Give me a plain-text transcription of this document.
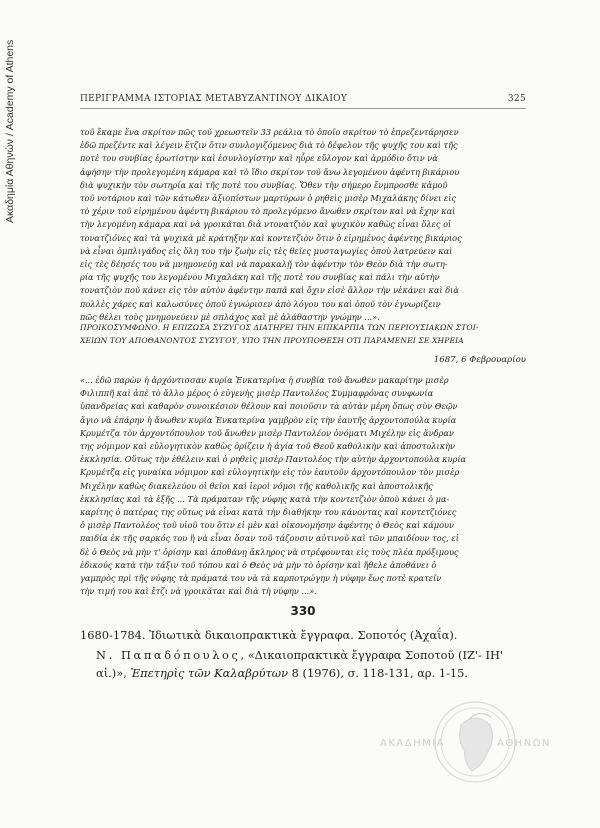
Ακαδημία Αθηνών / Academy of Athens	ΠΕΡΙΓΡΑΜΜΑ ΙΣΤΟΡΙΑΣ ΜΕΤΑΒΥΖΑΝΤΙΝΟΥ ΔΙΚΑΙΟΥ	325
τοῦ ἔκαμε ἕνα σκρίτον πῶς τοῦ χρεωστεῖν 33 ρεάλια τὸ ὁποῖο σκρίτον τὸ ἐπρεζεντάρησεν
ἐδῶ πρεζέντε καὶ λέγειν ἔτζιν ὅτιν συνλογιζόμενος διὰ τὸ δέφελον τῆς ψυχῆς του καὶ τῆς
ποτὲ του συνβίας ἐρωτίστην καὶ ἐσυνλογίστην καὶ ηὗρε εὔλογον καὶ ἁρμόδιο ὅτιν νὰ
ἀφήσην τὴν προλεγομένη κάμαρα καὶ τὸ ἴδιο σκρίτον τοῦ ἄνω λεγομένου ἀφέντη βικάριου
διὰ ψυχικὴν τὸν σωτηρία καὶ τῆς ποτὲ του συνβίας. Ὅθεν τὴν σήμερο ἔνμπροσθε κἀμοῦ
τοῦ νοτάριου καὶ τῶν κάτωθεν ἀξιοπίστων μαρτύρων ὁ ρηθεὶς μισὲρ Μιχαλάκης δίνει εἰς
τὸ χέριν τοῦ εἰρημένου ἀφέντη βικάριου τὸ προλεγόμενο ἄνωθεν σκρίτον καὶ νὰ ἔχην καὶ
τὴν λεγομένη κάμαρα καὶ νὰ γροικᾶται διὰ ντονατζιὸν καὶ ψυχικὸν καθὼς εἶναι ὅλες οἱ
τονατζιόνες καὶ τὰ ψυχικὰ μὲ κράτηξην καὶ κοντετζιὸν ὅτιν ὁ εἰρημένος ἀφέντης βικάριος
νὰ εἶναι ὀμπλιγάδος εἰς ὅλη του τὴν ζωὴν εἰς τὲς θεῖες μυσταγωγίες ὁποὺ λατρεύειν καὶ
εἰς τὲς δέησές του νὰ μνημονεύῃ καὶ νὰ παρακαλῇ τὸν ἀφέντην τὸν Θεὸν διὰ τὴν σωτη-
ρία τῆς ψυχῆς του λεγομένου Μιχαλάκη καὶ τῆς ποτὲ του συνβίας καὶ πάλι τὴν αὐτὴν
τονατζιὸν ποῦ κάνει εἰς τὸν αὐτὸν ἀφέντην παπᾶ καὶ ὄχιν εἰσὲ ἄλλον τὴν νἐκάνει καὶ διὰ
πολλὲς χάρες καὶ καλωσύνες ὁποῦ ἐγνώρισεν ἀπὸ λόγου του καὶ ὁποῦ τὸν ἐγνωρίζειν
πῶς θέλει τοὺς μνημονεύειν μὲ σπλάχος καὶ μὲ ἀλάθαστην γνώμην ...».
ΠΡΟΙΚΟΣΥΜΦΩΝΟ. Η ΕΠΙΖΩΣΑ ΣΥΖΥΓΟΣ ΔΙΑΤΗΡΕΙ ΤΗΝ ΕΠΙΚΑΡΠΙΑ ΤΩΝ ΠΕΡΙΟΥΣΙΑΚΩΝ ΣΤΟΙ-
ΧΕΙΩΝ ΤΟΥ ΑΠΟΘΑΝΟΝΤΟΣ ΣΥΖΥΓΟΥ, ΥΠΟ ΤΗΝ ΠΡΟΥΠΟΘΕΣΗ ΟΤΙ ΠΑΡΑΜΕΝΕΙ ΣΕ ΧΗΡΕΙΑ
1687, 6 Φεβρουαρίου
«... ἐδῶ παρὼν ἡ ἀρχόντισσαν κυρία Ἐνκατερίνα ἡ συνβία τοῦ ἄνωθεν μακαρίτην μισὲρ
Φιλιππῆ καὶ ἀπὲ τὸ ἄλλο μέρος ὁ εὐγενὴς μισὲρ Παντολέος Συμμαφρόνας συνφωνία
ὑπανδρείας καὶ καθαρὸν συνοικέσιον θέλουν καὶ ποιοῦσιν τὰ αὐτὰν μέρη ὅπως σὺν Θεῷν
ἅγιο νὰ ἐπάρην ἡ ἄνωθεν κυρία Ἐνκατερίνα γαμβρὸν εἰς τὴν ἑαυτῆς ἀρχοντοπούλα κυρία
Κρυμέτζα τὸν ἀρχοντόπουλον τοῦ ἄνωθεν μισὲρ Παντολέον ὀνόματι Μιχέλην εἰς ἄνδραν
της νόμιμον καὶ εὐλογητικὸν καθὼς ὁρίζειν ἡ ἁγία τοῦ Θεοῦ καθολικὴν καὶ ἀποστολικὴν
ἐκκλησία. Οὕτως τὴν ἐθέλειν καὶ ὁ ρηθεὶς μισὲρ Παντολέος τὴν αὐτὴν ἀρχοντοπούλα κυρία
Κρυμέτζα εἰς γυναίκα νόμιμον καὶ εὐλογητικὴν εἰς τὸν ἑαυτοῦν ἀρχοντόπουλον τὸν μισὲρ
Μιχέλην καθὼς διακελεύου οἱ θεῖοι καὶ ἱεροὶ νόμοι τῆς καθολικῆς καὶ ἀποστολικῆς
ἐκκλησίας καὶ τὰ ἑξῆς ... Τὰ πράματαν τῆς νύφης κατὰ τὴν κοντετζιὸν ὁποὺ κάνει ὁ μα-
καρίτης ὁ πατέρας της οὕτως νὰ εἶναι κατὰ τὴν διαθήκην του κάνοντας καὶ κοντετζιόνες
ὁ μισὲρ Παντολέος τοῦ υἱοῦ του ὅτιν εἰ μὲν καὶ οἰκονομήσην ἀφέντης ὁ Θεὸς καὶ κάμουν
παιδία ἐκ τῆς σαρκός του ἢ νὰ εἶναι ὅσαν τοῦ τάζουσιν αὐτινοῦ καὶ τῶν μπαιδίουν τος, εἰ
δὲ ὁ Θεὸς νὰ μὴν τ' ὁρίσην καὶ ἀποθάνῃ ἄκληρος νὰ στρέφουνται εἰς τοὺς πλέα πρόξιμους
ἐδικούς κατὰ τὴν τάξιν τοῦ τόπου καὶ ὁ Θεὸς νὰ μὴν τὸ ὁρίσην καὶ ἤθελε ἀποθάνει ὁ
γαμπρὸς πρὶ τῆς νύφης τὰ πράματά του νὰ τὰ καρποτρώγην ἡ νύφην ἕως ποτὲ κρατεῖν
τὴν τιμή του καὶ ἔτζι νὰ γροικᾶται καὶ διὰ τὴ νύφην ...».
330
1680-1784. Ἰδιωτικὰ δικαιοπρακτικὰ ἔγγραφα. Σοποτός (Ἀχαΐα).
Ν. Παπαδόπουλος, «Δικαιοπρακτικὰ ἔγγραφα Σοποτοῦ (ΙΖ'- ΙΗ'
αἰ.)», Ἐπετηρὶς τῶν Καλαβρύτων 8 (1976), σ. 118-131, αρ. 1-15.
ΑΚΑΔΗΜΙΑ	ΑΘΗΝΩΝ
